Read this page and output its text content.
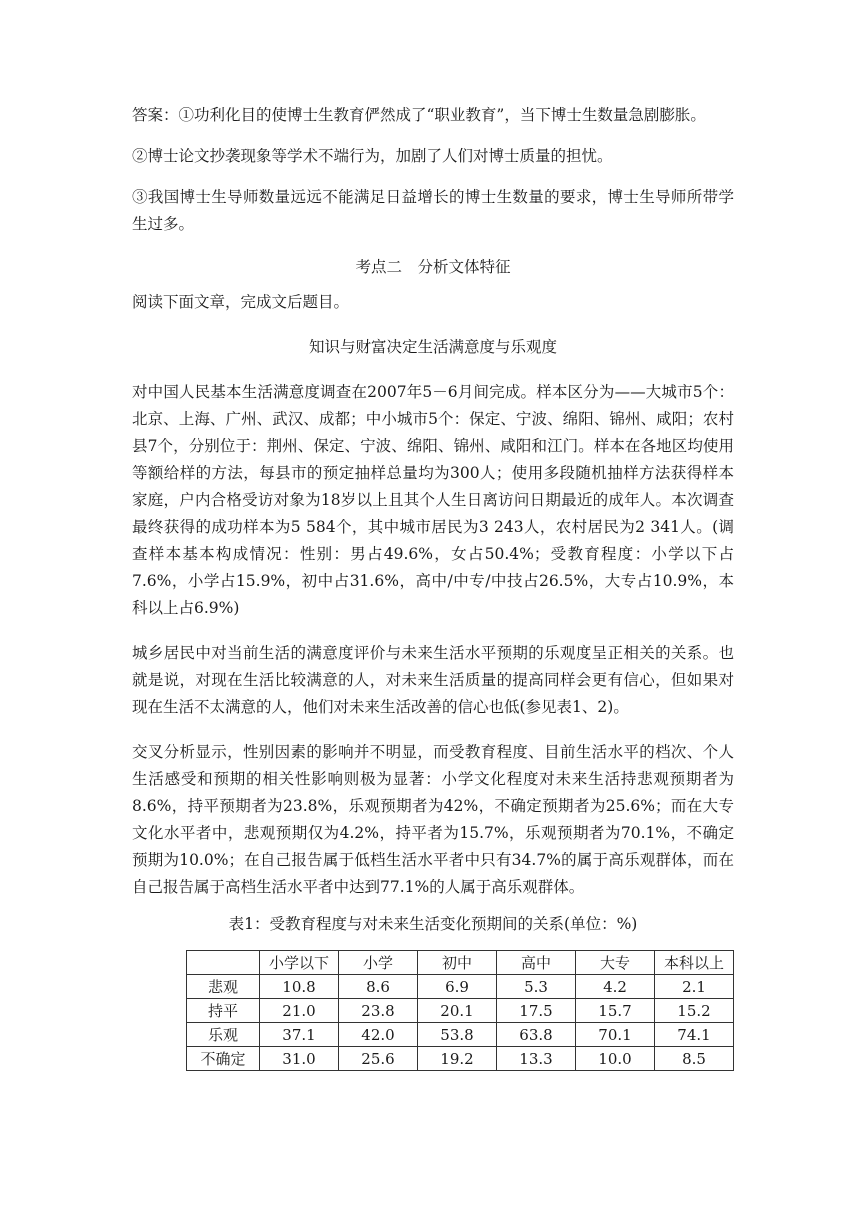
答案：①功利化目的使博士生教育俨然成了“职业教育”，当下博士生数量急剧膨胀。

②博士论文抄袭现象等学术不端行为，加剧了人们对博士质量的担忧。

③我国博士生导师数量远远不能满足日益增长的博士生数量的要求，博士生导师所带学生过多。

考点二　分析文体特征

阅读下面文章，完成文后题目。

知识与财富决定生活满意度与乐观度

对中国人民基本生活满意度调查在2007年5－6月间完成。样本区分为——大城市5个：北京、上海、广州、武汉、成都；中小城市5个：保定、宁波、绵阳、锦州、咸阳；农村县7个，分别位于：荆州、保定、宁波、绵阳、锦州、咸阳和江门。样本在各地区均使用等额给样的方法，每县市的预定抽样总量均为300人；使用多段随机抽样方法获得样本家庭，户内合格受访对象为18岁以上且其个人生日离访问日期最近的成年人。本次调查最终获得的成功样本为5 584个，其中城市居民为3 243人，农村居民为2 341人。(调查样本基本构成情况：性别：男占49.6%，女占50.4%；受教育程度：小学以下占7.6%，小学占15.9%，初中占31.6%，高中/中专/中技占26.5%，大专占10.9%，本科以上占6.9%)

城乡居民中对当前生活的满意度评价与未来生活水平预期的乐观度呈正相关的关系。也就是说，对现在生活比较满意的人，对未来生活质量的提高同样会更有信心，但如果对现在生活不太满意的人，他们对未来生活改善的信心也低(参见表1、2)。

交叉分析显示，性别因素的影响并不明显，而受教育程度、目前生活水平的档次、个人生活感受和预期的相关性影响则极为显著：小学文化程度对未来生活持悲观预期者为8.6%，持平预期者为23.8%，乐观预期者为42%，不确定预期者为25.6%；而在大专文化水平者中，悲观预期仅为4.2%，持平者为15.7%，乐观预期者为70.1%，不确定预期为10.0%；在自己报告属于低档生活水平者中只有34.7%的属于高乐观群体，而在自己报告属于高档生活水平者中达到77.1%的人属于高乐观群体。

表1：受教育程度与对未来生活变化预期间的关系(单位：%)

	小学以下	小学	初中	高中	大专	本科以上
悲观	10.8	8.6	6.9	5.3	4.2	2.1
持平	21.0	23.8	20.1	17.5	15.7	15.2
乐观	37.1	42.0	53.8	63.8	70.1	74.1
不确定	31.0	25.6	19.2	13.3	10.0	8.5
